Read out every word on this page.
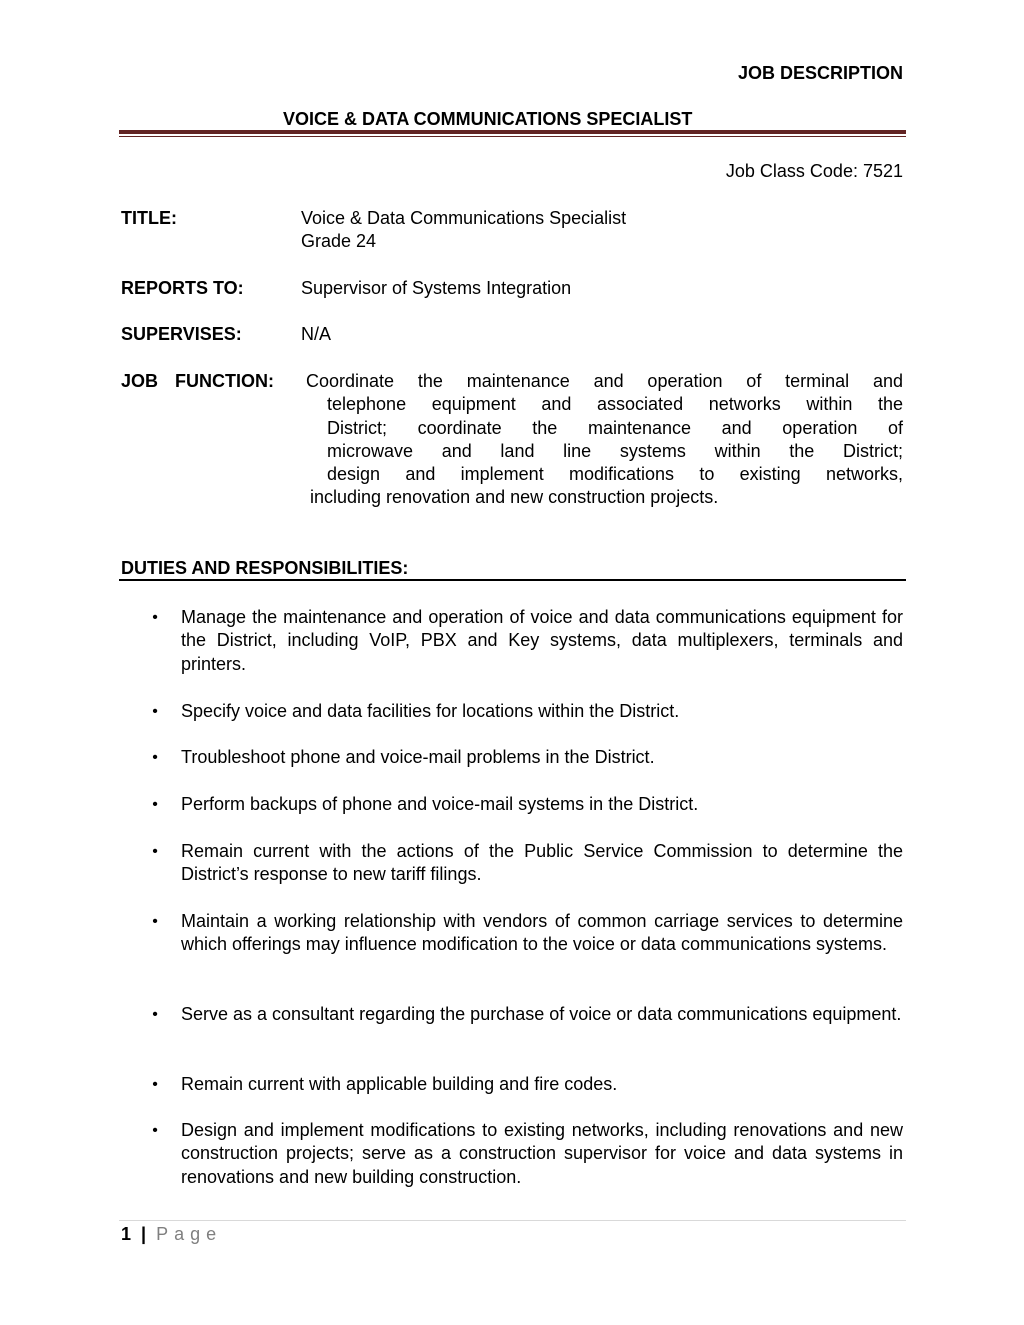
JOB DESCRIPTION
VOICE & DATA COMMUNICATIONS SPECIALIST
Job Class Code: 7521
TITLE:	Voice & Data Communications Specialist
Grade 24
REPORTS TO:	Supervisor of Systems Integration
SUPERVISES:	N/A
JOB FUNCTION: Coordinate the maintenance and operation of terminal and

telephone equipment and associated networks within the

District; coordinate the maintenance and operation of

microwave and land line systems within the District;

design and implement modifications to existing networks,

including renovation and new construction projects.

DUTIES AND RESPONSIBILITIES:
•	Manage the maintenance and operation of voice and data communications equipment for the District, including VoIP, PBX and Key systems, data multiplexers, terminals and printers.
•	Specify voice and data facilities for locations within the District.
•	Troubleshoot phone and voice-mail problems in the District.
•	Perform backups of phone and voice-mail systems in the District.
•	Remain current with the actions of the Public Service Commission to determine the District’s response to new tariff filings.
•	Maintain a working relationship with vendors of common carriage services to determine which offerings may influence modification to the voice or data communications systems.
•	Serve as a consultant regarding the purchase of voice or data communications equipment.
•	Remain current with applicable building and fire codes.
•	Design and implement modifications to existing networks, including renovations and new construction projects; serve as a construction supervisor for voice and data systems in renovations and new building construction.
1 | Page
